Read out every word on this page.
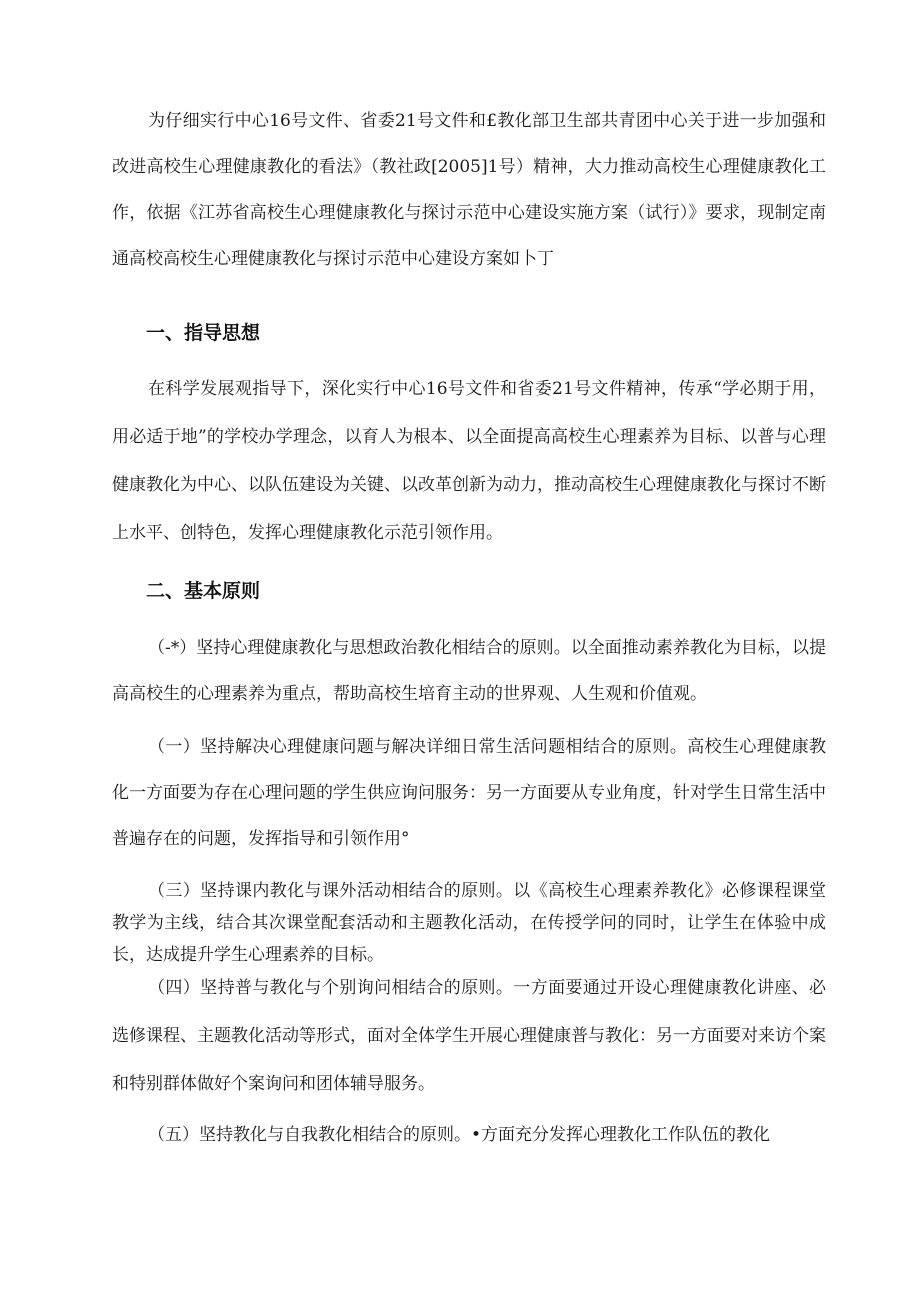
为仔细实行中心16号文件、省委21号文件和£教化部卫生部共青团中心关于进一步加强和改进高校生心理健康教化的看法》（教社政[2005]1号）精神，大力推动高校生心理健康教化工作，依据《江苏省高校生心理健康教化与探讨示范中心建设实施方案（试行）》要求，现制定南通高校高校生心理健康教化与探讨示范中心建设方案如卜丁

一、指导思想

在科学发展观指导下，深化实行中心16号文件和省委21号文件精神，传承“学必期于用，用必适于地”的学校办学理念，以育人为根本、以全面提高高校生心理素养为目标、以普与心理健康教化为中心、以队伍建设为关键、以改革创新为动力，推动高校生心理健康教化与探讨不断上水平、创特色，发挥心理健康教化示范引领作用。

二、基本原则

（-*）坚持心理健康教化与思想政治教化相结合的原则。以全面推动素养教化为目标，以提高高校生的心理素养为重点，帮助高校生培育主动的世界观、人生观和价值观。

（一）坚持解决心理健康问题与解决详细日常生活问题相结合的原则。高校生心理健康教化一方面要为存在心理问题的学生供应询问服务：另一方面要从专业角度，针对学生日常生活中普遍存在的问题，发挥指导和引领作用°

（三）坚持课内教化与课外活动相结合的原则。以《高校生心理素养教化》必修课程课堂教学为主线，结合其次课堂配套活动和主题教化活动，在传授学问的同时，让学生在体验中成长，达成提升学生心理素养的目标。

（四）坚持普与教化与个别询问相结合的原则。一方面要通过开设心理健康教化讲座、必选修课程、主题教化活动等形式，面对全体学生开展心理健康普与教化：另一方面要对来访个案和特别群体做好个案询问和团体辅导服务。

（五）坚持教化与自我教化相结合的原则。•方面充分发挥心理教化工作队伍的教化
